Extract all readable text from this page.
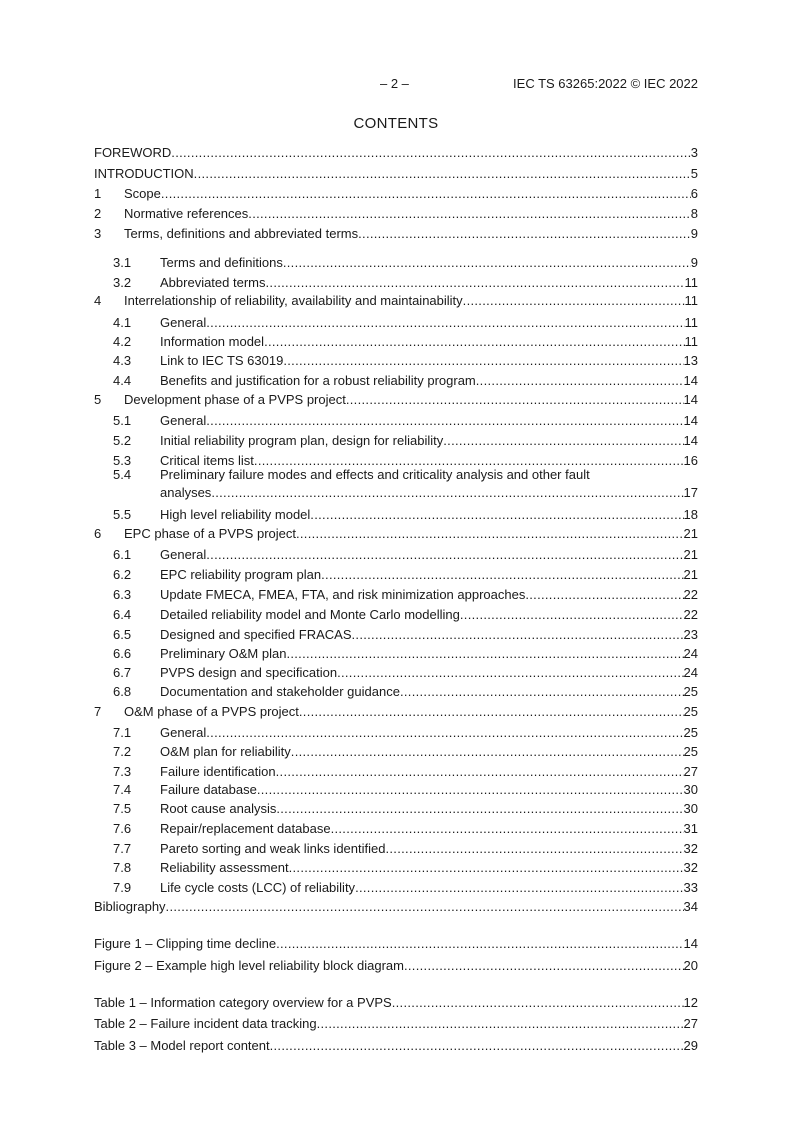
– 2 –	IEC TS 63265:2022 © IEC 2022
CONTENTS
FOREWORD .....	3
INTRODUCTION .....	5
1	Scope .....	6
2	Normative references .....	8
3	Terms, definitions and abbreviated terms .....	9
3.1	Terms and definitions .....	9
3.2	Abbreviated terms .....	11
4	Interrelationship of reliability, availability and maintainability .....	11
4.1	General .....	11
4.2	Information model .....	11
4.3	Link to IEC TS 63019 .....	13
4.4	Benefits and justification for a robust reliability program .....	14
5	Development phase of a PVPS project .....	14
5.1	General .....	14
5.2	Initial reliability program plan, design for reliability .....	14
5.3	Critical items list .....	16
5.4	Preliminary failure modes and effects and criticality analysis and other fault
analyses .....	17
5.5	High level reliability model .....	18
6	EPC phase of a PVPS project .....	21
6.1	General .....	21
6.2	EPC reliability program plan .....	21
6.3	Update FMECA, FMEA, FTA, and risk minimization approaches .....	22
6.4	Detailed reliability model and Monte Carlo modelling .....	22
6.5	Designed and specified FRACAS .....	23
6.6	Preliminary O&M plan .....	24
6.7	PVPS design and specification .....	24
6.8	Documentation and stakeholder guidance .....	25
7	O&M phase of a PVPS project .....	25
7.1	General .....	25
7.2	O&M plan for reliability .....	25
7.3	Failure identification .....	27
7.4	Failure database .....	30
7.5	Root cause analysis .....	30
7.6	Repair/replacement database .....	31
7.7	Pareto sorting and weak links identified .....	32
7.8	Reliability assessment .....	32
7.9	Life cycle costs (LCC) of reliability .....	33
Bibliography .....	34
Figure 1 – Clipping time decline .....	14
Figure 2 – Example high level reliability block diagram .....	20
Table 1 – Information category overview for a PVPS .....	12
Table 2 – Failure incident data tracking .....	27
Table 3 – Model report content .....	29
